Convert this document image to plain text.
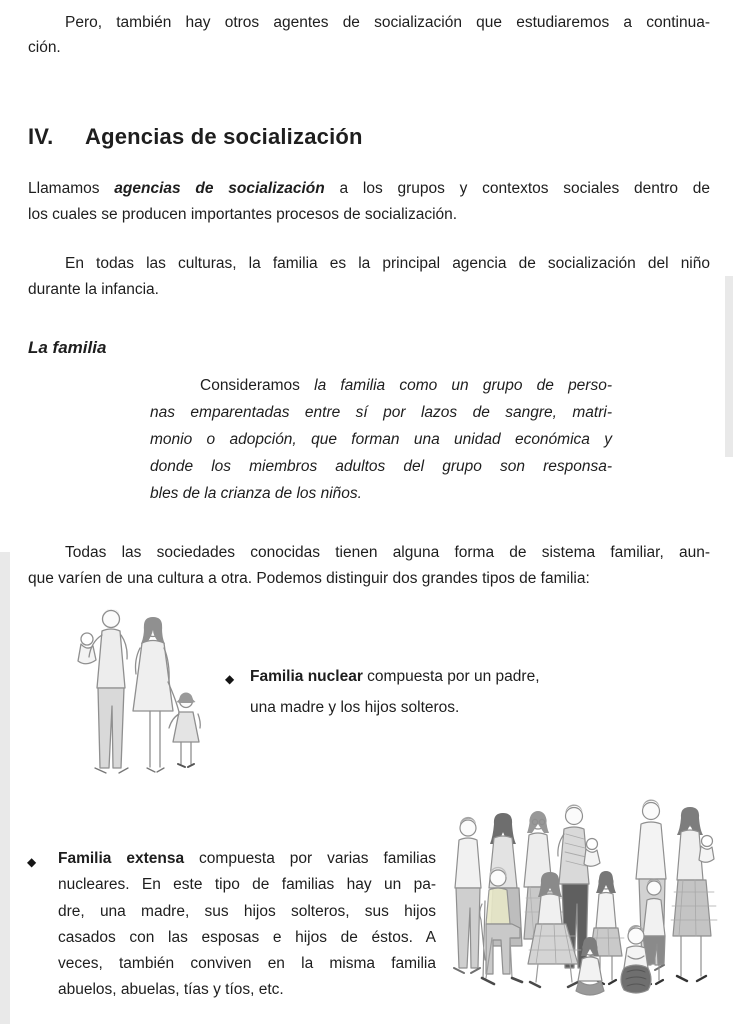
Pero, también hay otros agentes de socialización que estudiaremos a continua-
ción.
IV.	Agencias de socialización
Llamamos agencias de socialización a los grupos y contextos sociales dentro de
los cuales se producen importantes procesos de socialización.
En todas las culturas, la familia es la principal agencia de socialización del niño
durante la infancia.
La familia
Consideramos la familia como un grupo de perso-
nas emparentadas entre sí por lazos de sangre, matri-
monio o adopción, que forman una unidad económica y
donde los miembros adultos del grupo son responsa-
bles de la crianza de los niños.
Todas las sociedades conocidas tienen alguna forma de sistema familiar, aun-
que varíen de una cultura a otra. Podemos distinguir dos grandes tipos de familia:
◆ Familia nuclear compuesta por un padre,
una madre y los hijos solteros.
◆ Familia extensa compuesta por varias familias
nucleares. En este tipo de familias hay un pa-
dre, una madre, sus hijos solteros, sus hijos
casados con las esposas e hijos de éstos. A
veces, también conviven en la misma familia
abuelos, abuelas, tías y tíos, etc.
